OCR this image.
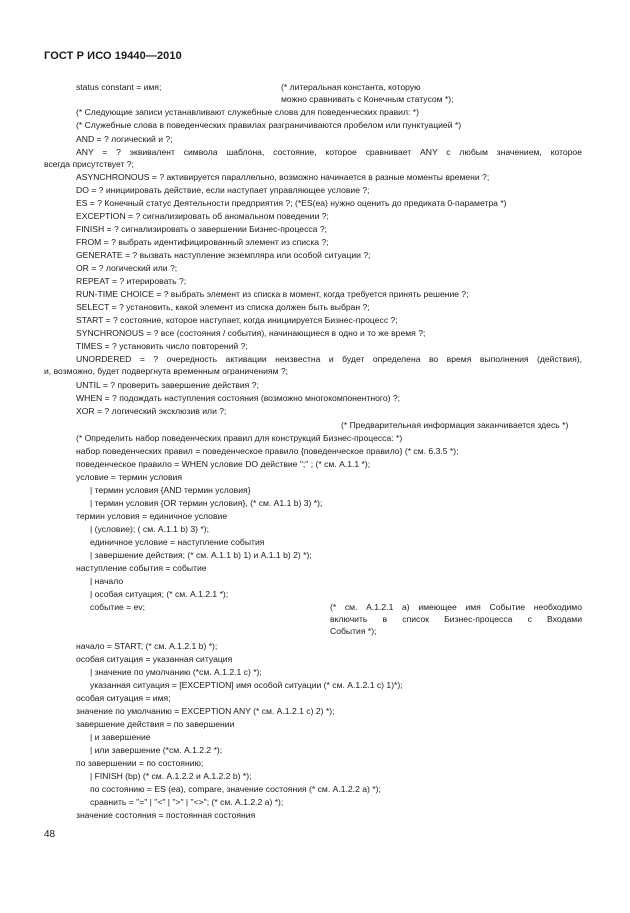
ГОСТ Р ИСО 19440—2010
status constant = имя;	(* литеральная константа, которую
можно сравнивать с Конечным статусом *);
(* Следующие записи устанавливают служебные слова для поведенческих правил: *)
(* Служебные слова в поведенческих правилах разграничиваются пробелом или пунктуацией *)
AND = ? логический и ?;
ANY = ? эквивалент символа шаблона, состояние, которое сравнивает ANY с любым значением, которое
всегда присутствует ?;
ASYNCHRONOUS = ? активируется параллельно, возможно начинается в разные моменты времени ?;
DO = ? инициировать действие, если наступает управляющее условие ?;
ES = ? Конечный статус Деятельности предприятия ?; (*ES(ea) нужно оценить до предиката 0-параметра *)
EXCEPTION = ? сигнализировать об аномальном поведении ?;
FINISH = ? сигнализировать о завершении Бизнес-процесса ?;
FROM = ? выбрать идентифицированный элемент из списка ?;
GENERATE = ? вызвать наступление экземпляра или особой ситуации ?;
OR = ? логический или ?;
REPEAT = ? итерировать ?;
RUN-TIME CHOICE = ? выбрать элемент из списка в момент, когда требуется принять решение ?;
SELECT = ? установить, какой элемент из списка должен быть выбран ?;
START = ? состояние, которое наступает, когда инициируется Бизнес-процесс ?;
SYNCHRONOUS = ? все (состояния / события), начинающиеся в одно и то же время ?;
TIMES = ? установить число повторений ?;
UNORDERED = ? очередность активации неизвестна и будет определена во время выполнения (действия),
и, возможно, будет подвергнута временным ограничениям ?;
UNTIL = ? проверить завершение действия ?;
WHEN = ? подождать наступления состояния (возможно многокомпонентного) ?;
XOR = ? логический эксклюзив или ?;
(* Предварительная информация заканчивается здесь *)
(* Определить набор поведенческих правил для конструкций Бизнес-процесса: *)
набор поведенческих правил = поведенческое правило {поведенческое правило} (* см. 6.3.5 *);
поведенческое правило = WHEN условие DO действие ";" ; (* см. A.1.1 *);
условие = термин условия
| термин условия {AND термин условия}
| термин условия {OR термин условия}, (* см. A1.1 b) 3) *);
термин условия = единичное условие
| (условие); ( см. A.1.1 b) 3) *);
единичное условие = наступление события
| завершение действия; (* см. A.1.1 b) 1) и A.1.1 b) 2) *);
наступление события = событие
| начало
| особая ситуация; (* см. A.1.2.1 *);
событие = ev;	(* см. A.1.2.1 a) имеющее имя Событие необходимо
включить в список Бизнес-процесса с Входами
События *);
начало = START; (* см. A.1.2.1 b) *);
особая ситуация = указанная ситуация
| значение по умолчанию (*см. A.1.2.1 c) *);
указанная ситуация = [EXCEPTION] имя особой ситуации (* см. A.1.2.1 c) 1)*);
особая ситуация = имя;
значение по умолчанию = EXCEPTION ANY (* см. A.1.2.1 c) 2) *);
завершение действия = по завершении
| и завершение
| или завершение (*см. A.1.2.2 *);
по завершении = по состоянию;
| FINISH (bp) (* см. A.1.2.2 и A.1.2.2 b) *);
по состоянию = ES (ea), compare, значение состояния (* см. A.1.2.2 a) *);
сравнить = "=" | "<" | ">" | "<>"; (* см. A.1.2.2 a) *);
значение состояния = постоянная состояния
48
